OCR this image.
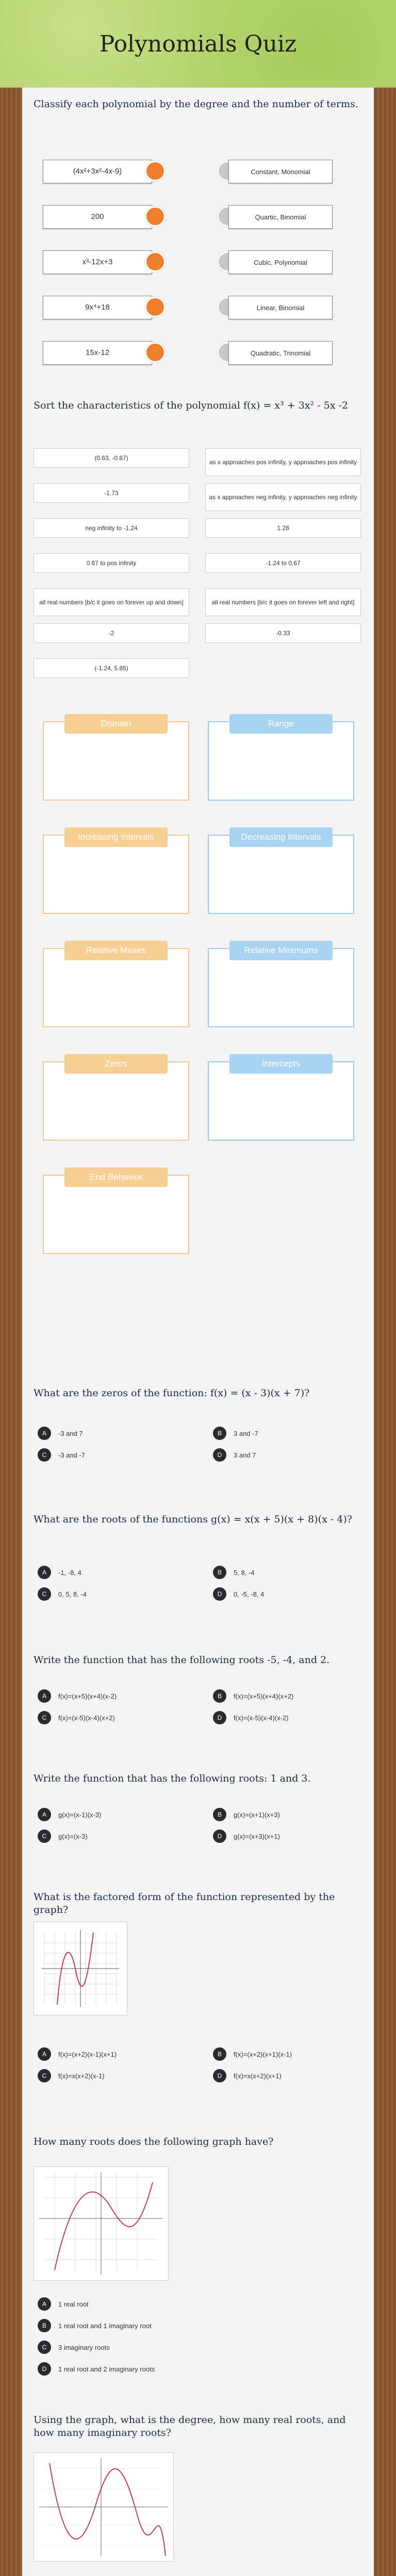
Polynomials Quiz

Classify each polynomial by the degree and the number of terms.

Sort the characteristics of the polynomial f(x) = x³ + 3x² - 5x -2

What are the zeros of the function: f(x) = (x - 3)(x + 7)?

What are the roots of the functions g(x) = x(x + 5)(x + 8)(x - 4)?

Write the function that has the following roots -5, -4, and 2.

Write the function that has the following roots: 1 and 3.

What is the factored form of the function represented by the graph?

How many roots does the following graph have?

Using the graph, what is the degree, how many real roots, and how many imaginary roots?

(4x²+3x²-4x-9)	Constant, Monomial
200	Quartic, Binomial
x³-12x+3	Cubic, Polynomial
9x⁴+18	Linear, Binomial
15x-12	Quadratic, Trinomial
(0.63, -0.87)
as x approaches pos infinity, y approaches pos infinity
-1.73
as x approaches neg infinity, y approaches neg infinity
neg infinity to -1.24	1.28
0.67 to pos infinity	-1.24 to 0.67
all real numbers [b/c it goes on forever up and down]	all real numbers [b/c it goes on forever left and right]
-2	-0.33
(-1.24, 5.85)
Domain	Range
Increasing Intervals	Decreasing Intervals
Relative Maxes	Relative Minimums
Zeros	Intercepts
End Behavior
A	-3 and 7	B	3 and -7
C	-3 and -7	D	3 and 7
A	-1, -8, 4	B	5, 8, -4
C	0, 5, 8, -4	D	0, -5, -8, 4
A	f(x)=(x+5)(x+4)(x-2)	B	f(x)=(x+5)(x+4)(x+2)
C	f(x)=(x-5)(x-4)(x+2)	D	f(x)=(x-5)(x-4)(x-2)
A	g(x)=(x-1)(x-3)	B	g(x)=(x+1)(x+3)
C	g(x)=(x-3)	D	g(x)=(x+3)(x+1)
A	f(x)=(x+2)(x-1)(x+1)	B	f(x)=(x+2)(x+1)(x-1)
C	f(x)=x(x+2)(x-1)	D	f(x)=x(x+2)(x+1)
A	1 real root
B	1 real root and 1 imaginary root
C	3 imaginary roots
D	1 real root and 2 imaginary roots
